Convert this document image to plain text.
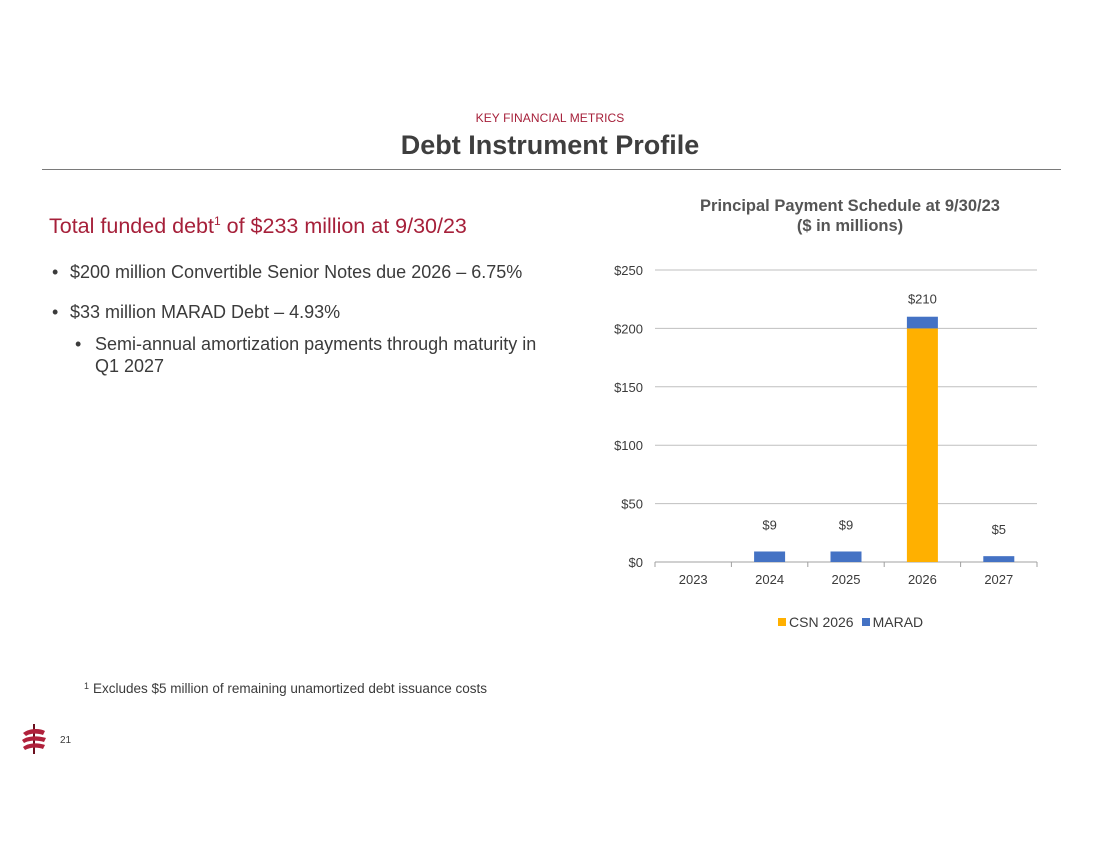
KEY FINANCIAL METRICS
Debt Instrument Profile
Total funded debt$^1$ of $233 million at 9/30/23
• $200 million Convertible Senior Notes due 2026 – 6.75%
• $33 million MARAD Debt – 4.93%
• Semi-annual amortization payments through maturity in Q1 2027
Principal Payment Schedule at 9/30/23
($ in millions)
$0
$50
$100
$150
$200
$250
2023	2024
$9
2025
$9
2026
$210
2027
$5
CSN 2026 MARAD
$^1$ Excludes $5 million of remaining unamortized debt issuance costs
21
